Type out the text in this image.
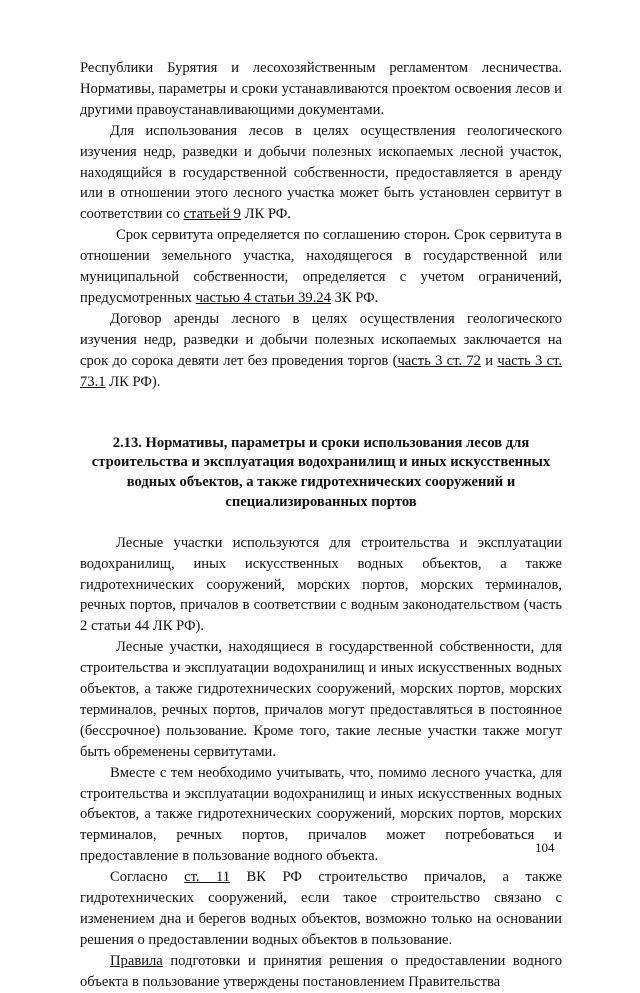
Республики Бурятия и лесохозяйственным регламентом лесничества. Нормативы, параметры и сроки устанавливаются проектом освоения лесов и другими правоустанавливающими документами.

Для использования лесов в целях осуществления геологического изучения недр, разведки и добычи полезных ископаемых лесной участок, находящийся в государственной собственности, предоставляется в аренду или в отношении этого лесного участка может быть установлен сервитут в соответствии со статьей 9 ЛК РФ.

Срок сервитута определяется по соглашению сторон. Срок сервитута в отношении земельного участка, находящегося в государственной или муниципальной собственности, определяется с учетом ограничений, предусмотренных частью 4 статьи 39.24 ЗК РФ.

Договор аренды лесного в целях осуществления геологического изучения недр, разведки и добычи полезных ископаемых заключается на срок до сорока девяти лет без проведения торгов (часть 3 ст. 72 и часть 3 ст. 73.1 ЛК РФ).

2.13. Нормативы, параметры и сроки использования лесов для строительства и эксплуатация водохранилищ и иных искусственных водных объектов, а также гидротехнических сооружений и специализированных портов

Лесные участки используются для строительства и эксплуатации водохранилищ, иных искусственных водных объектов, а также гидротехнических сооружений, морских портов, морских терминалов, речных портов, причалов в соответствии с водным законодательством (часть 2 статьи 44 ЛК РФ).

Лесные участки, находящиеся в государственной собственности, для строительства и эксплуатации водохранилищ и иных искусственных водных объектов, а также гидротехнических сооружений, морских портов, морских терминалов, речных портов, причалов могут предоставляться в постоянное (бессрочное) пользование. Кроме того, такие лесные участки также могут быть обременены сервитутами.

Вместе с тем необходимо учитывать, что, помимо лесного участка, для строительства и эксплуатации водохранилищ и иных искусственных водных объектов, а также гидротехнических сооружений, морских портов, морских терминалов, речных портов, причалов может потребоваться и предоставление в пользование водного объекта.

Согласно ст. 11 ВК РФ строительство причалов, а также гидротехнических сооружений, если такое строительство связано с изменением дна и берегов водных объектов, возможно только на основании решения о предоставлении водных объектов в пользование.

Правила подготовки и принятия решения о предоставлении водного объекта в пользование утверждены постановлением Правительства

104
